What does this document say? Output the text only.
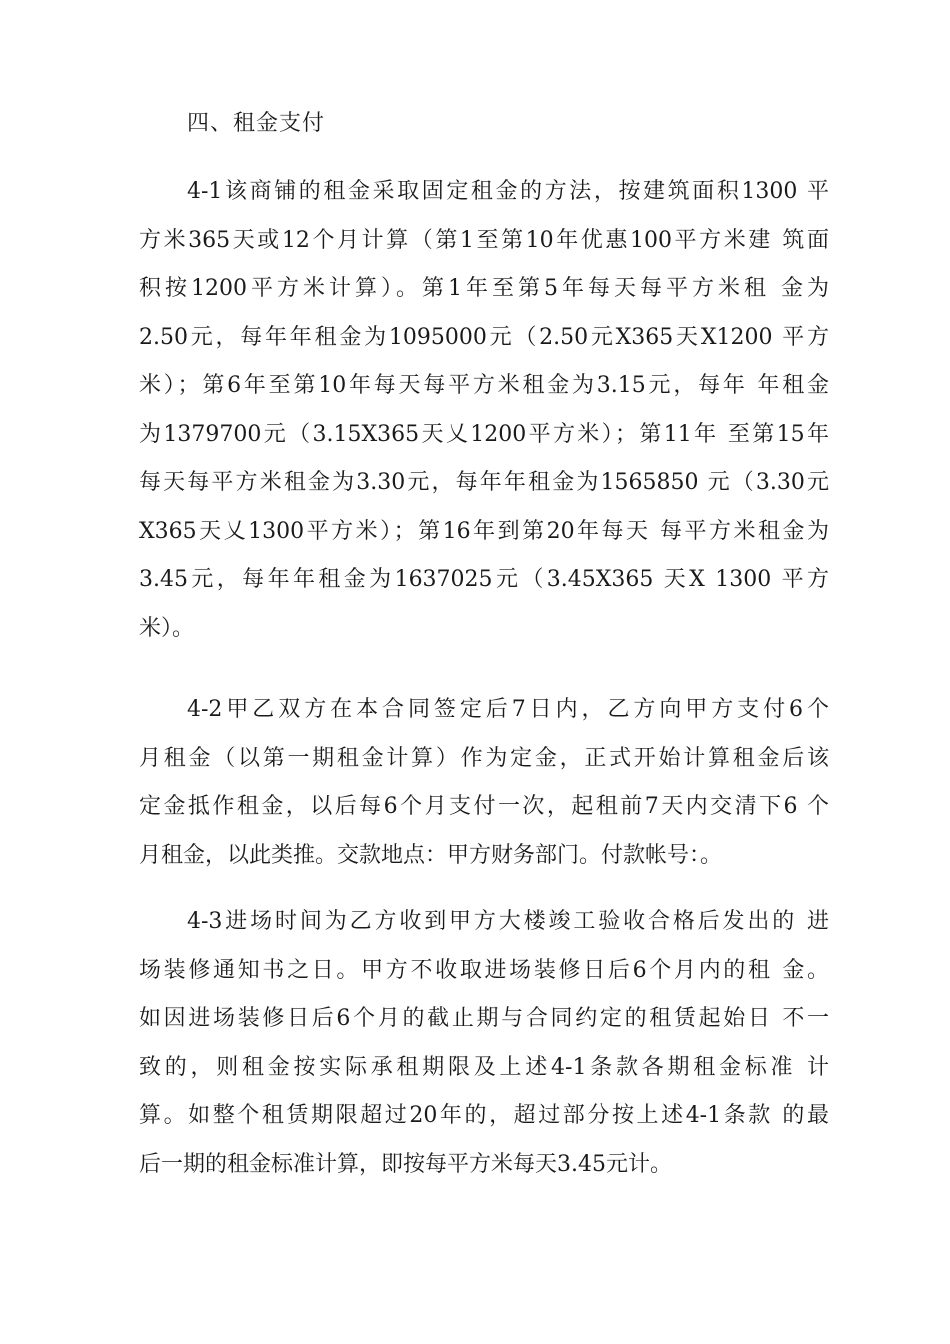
四、租金支付

4-1该商铺的租金采取固定租金的方法，按建筑面积1300 平
方米365天或12个月计算（第1至第10年优惠100平方米建 筑面
积按1200平方米计算）。第1年至第5年每天每平方米租 金为
2.50元，每年年租金为1095000元（2.50元X365天X1200 平方
米）；第6年至第10年每天每平方米租金为3.15元，每年 年租金
为1379700元（3.15X365天乂1200平方米）；第11年 至第15年
每天每平方米租金为3.30元，每年年租金为1565850 元（3.30元
X365天乂1300平方米）；第16年到第20年每天 每平方米租金为
3.45元，每年年租金为1637025元（3.45X365 天X 1300 平方
米）。

4-2甲乙双方在本合同签定后7日内，乙方向甲方支付6个
月租金（以第一期租金计算）作为定金，正式开始计算租金后该
定金抵作租金，以后每6个月支付一次，起租前7天内交清下6 个
月租金，以此类推。交款地点：甲方财务部门。付款帐号：。

4-3进场时间为乙方收到甲方大楼竣工验收合格后发出的 进
场装修通知书之日。甲方不收取进场装修日后6个月内的租 金。
如因进场装修日后6个月的截止期与合同约定的租赁起始日 不一
致的，则租金按实际承租期限及上述4-1条款各期租金标准 计
算。如整个租赁期限超过20年的，超过部分按上述4-1条款 的最
后一期的租金标准计算，即按每平方米每天3.45元计。
